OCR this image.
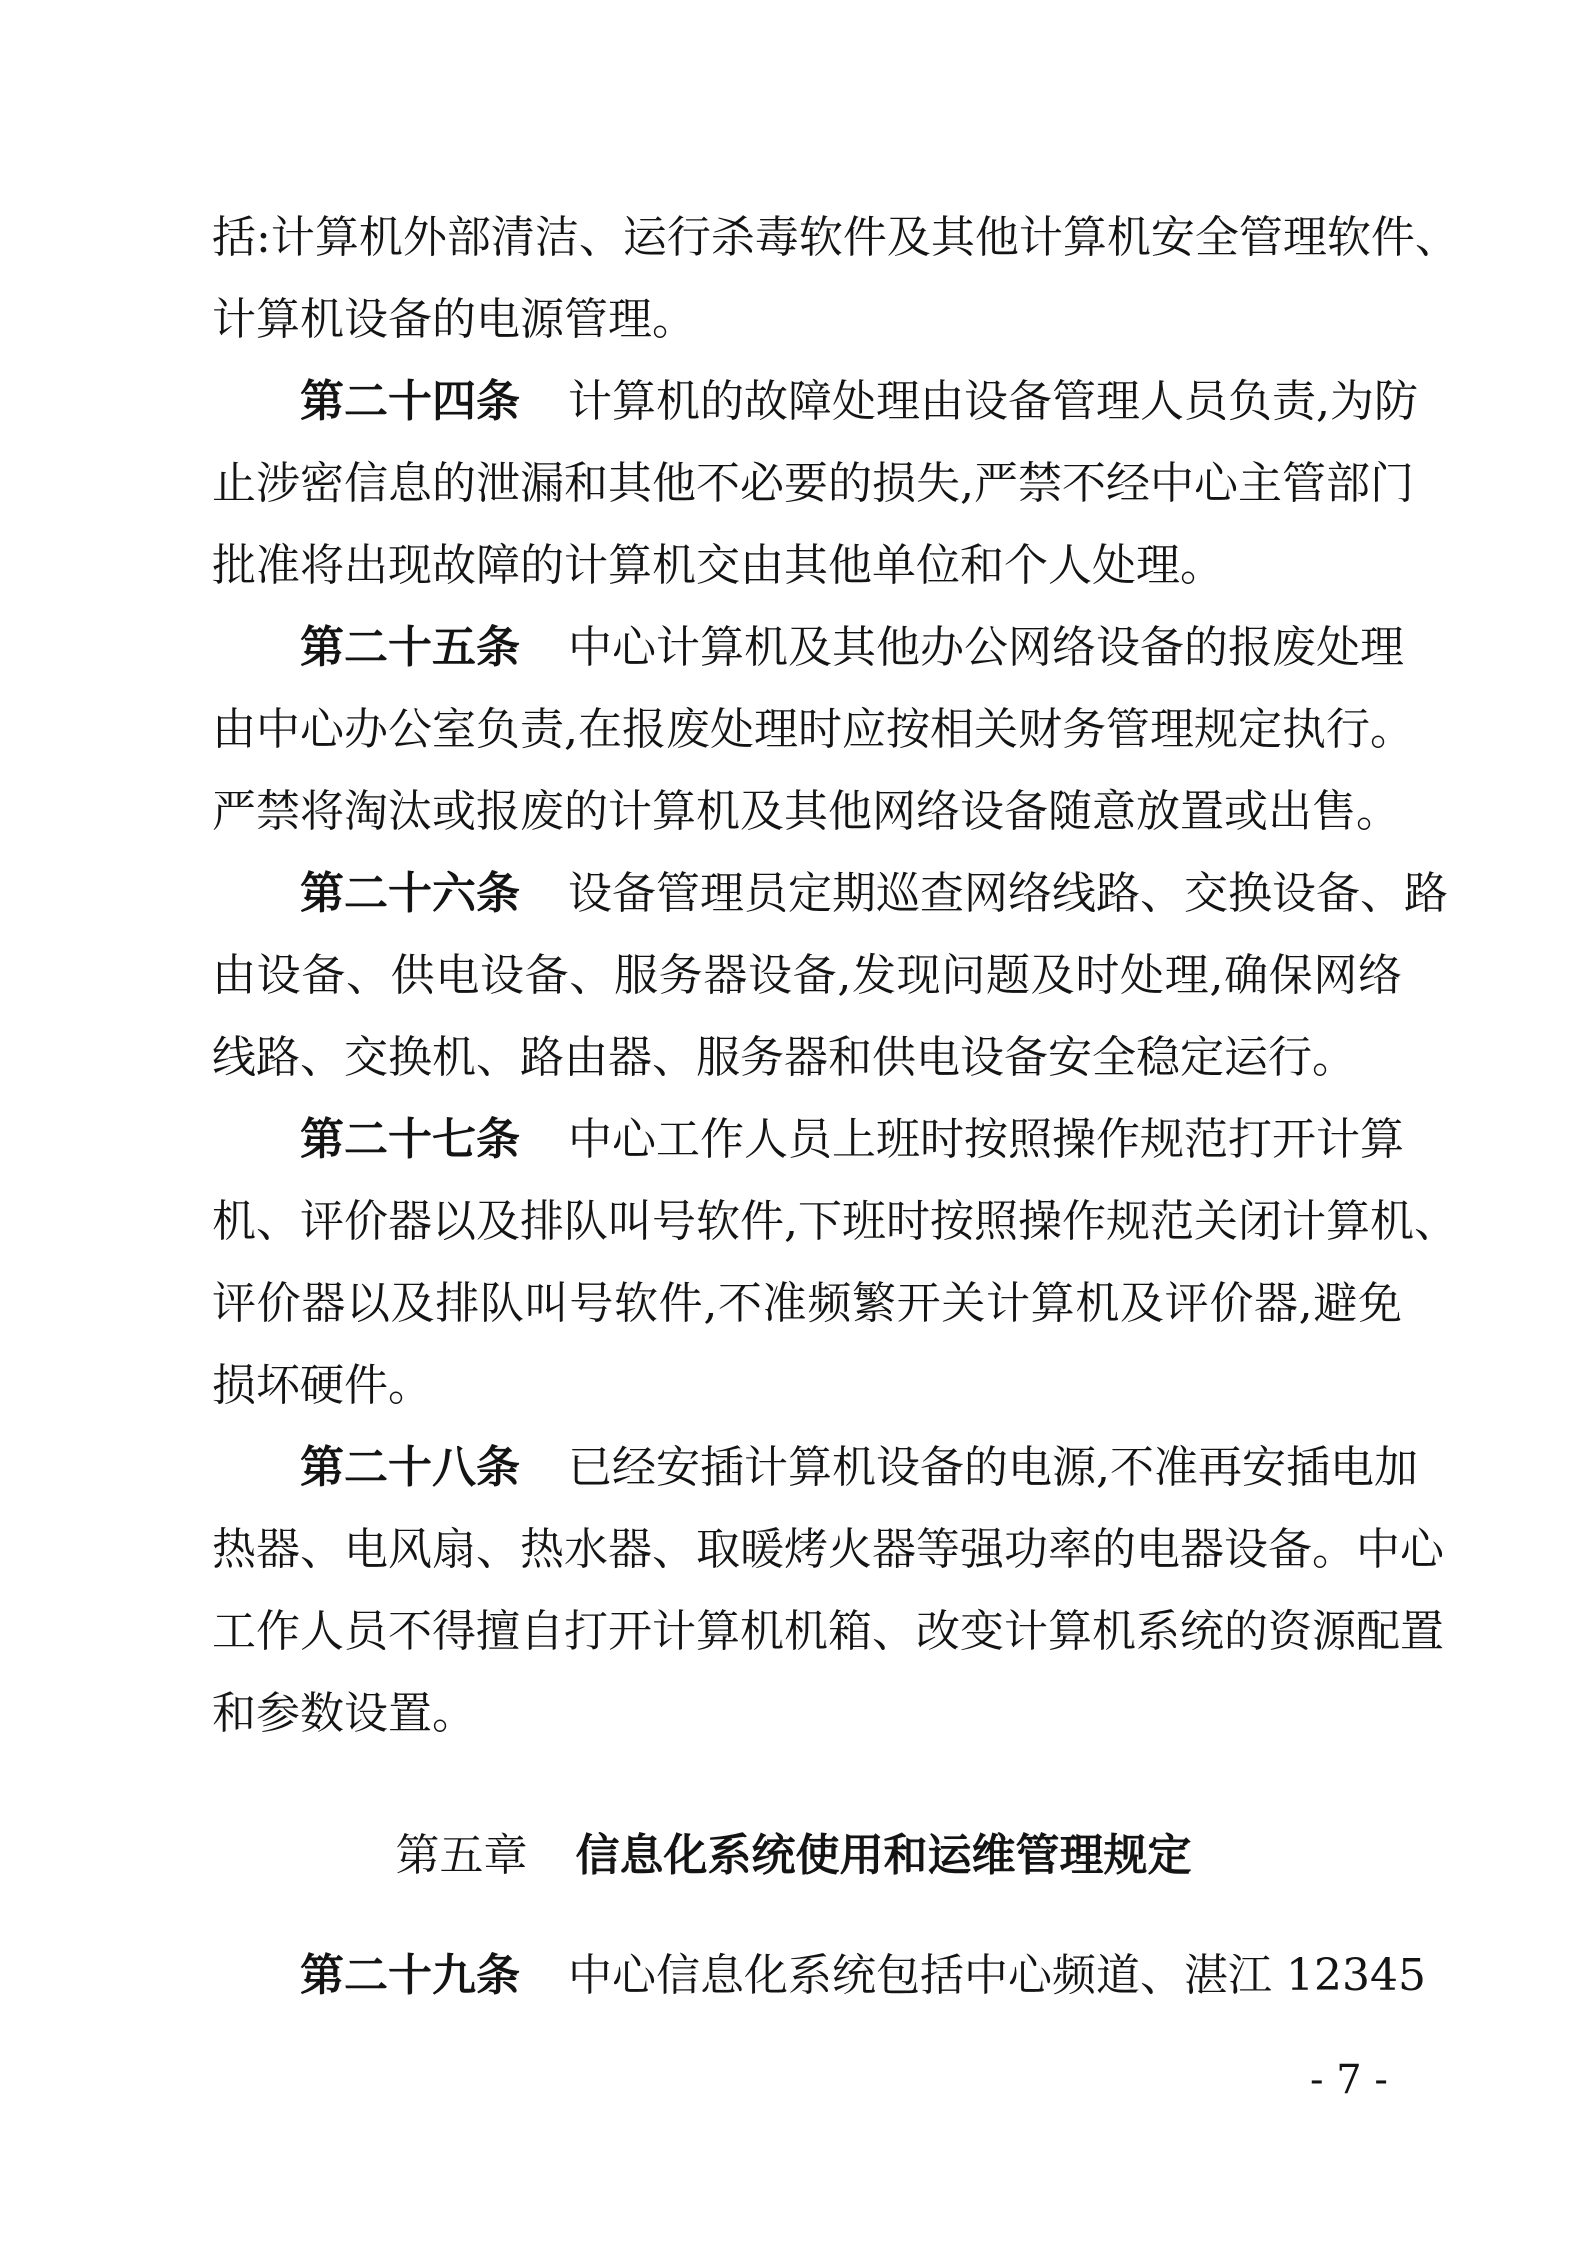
括:计算机外部清洁、运行杀毒软件及其他计算机安全管理软件、
计算机设备的电源管理。
第二十四条 计算机的故障处理由设备管理人员负责,为防
止涉密信息的泄漏和其他不必要的损失,严禁不经中心主管部门
批准将出现故障的计算机交由其他单位和个人处理。
第二十五条 中心计算机及其他办公网络设备的报废处理
由中心办公室负责,在报废处理时应按相关财务管理规定执行。
严禁将淘汰或报废的计算机及其他网络设备随意放置或出售。
第二十六条 设备管理员定期巡查网络线路、交换设备、路
由设备、供电设备、服务器设备,发现问题及时处理,确保网络
线路、交换机、路由器、服务器和供电设备安全稳定运行。
第二十七条 中心工作人员上班时按照操作规范打开计算
机、评价器以及排队叫号软件,下班时按照操作规范关闭计算机、
评价器以及排队叫号软件,不准频繁开关计算机及评价器,避免
损坏硬件。
第二十八条 已经安插计算机设备的电源,不准再安插电加
热器、电风扇、热水器、取暖烤火器等强功率的电器设备。中心
工作人员不得擅自打开计算机机箱、改变计算机系统的资源配置
和参数设置。
第五章 信息化系统使用和运维管理规定
第二十九条 中心信息化系统包括中心频道、湛江 12345
- 7 -
